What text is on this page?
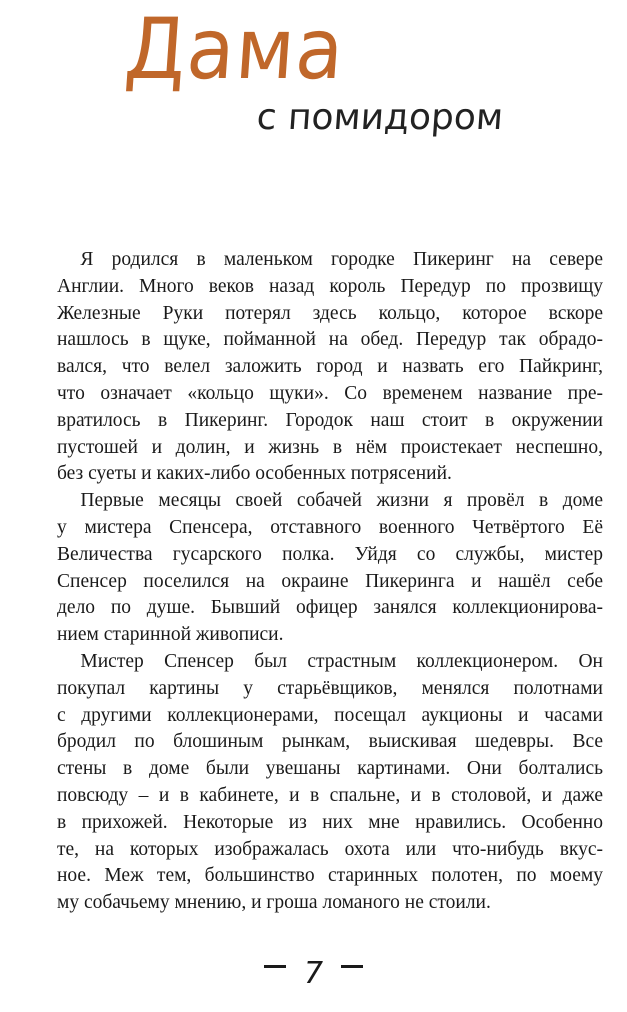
Дама
с помидором

Я родился в маленьком городке Пикеринг на севере
Англии. Много веков назад король Передур по прозвищу
Железные Руки потерял здесь кольцо, которое вскоре
нашлось в щуке, пойманной на обед. Передур так обрадо-
вался, что велел заложить город и назвать его Пайкринг,
что означает «кольцо щуки». Со временем название пре-
вратилось в Пикеринг. Городок наш стоит в окружении
пустошей и долин, и жизнь в нём проистекает неспешно,
без суеты и каких-либо особенных потрясений.

Первые месяцы своей собачей жизни я провёл в доме
у мистера Спенсера, отставного военного Четвёртого Её
Величества гусарского полка. Уйдя со службы, мистер
Спенсер поселился на окраине Пикеринга и нашёл себе
дело по душе. Бывший офицер занялся коллекционирова-
нием старинной живописи.

Мистер Спенсер был страстным коллекционером. Он
покупал картины у старьёвщиков, менялся полотнами
с другими коллекционерами, посещал аукционы и часами
бродил по блошиным рынкам, выискивая шедевры. Все
стены в доме были увешаны картинами. Они болтались
повсюду – и в кабинете, и в спальне, и в столовой, и даже
в прихожей. Некоторые из них мне нравились. Особенно
те, на которых изображалась охота или что-нибудь вкус-
ное. Меж тем, большинство старинных полотен, по моему
му собачьему мнению, и гроша ломаного не стоили.

7
